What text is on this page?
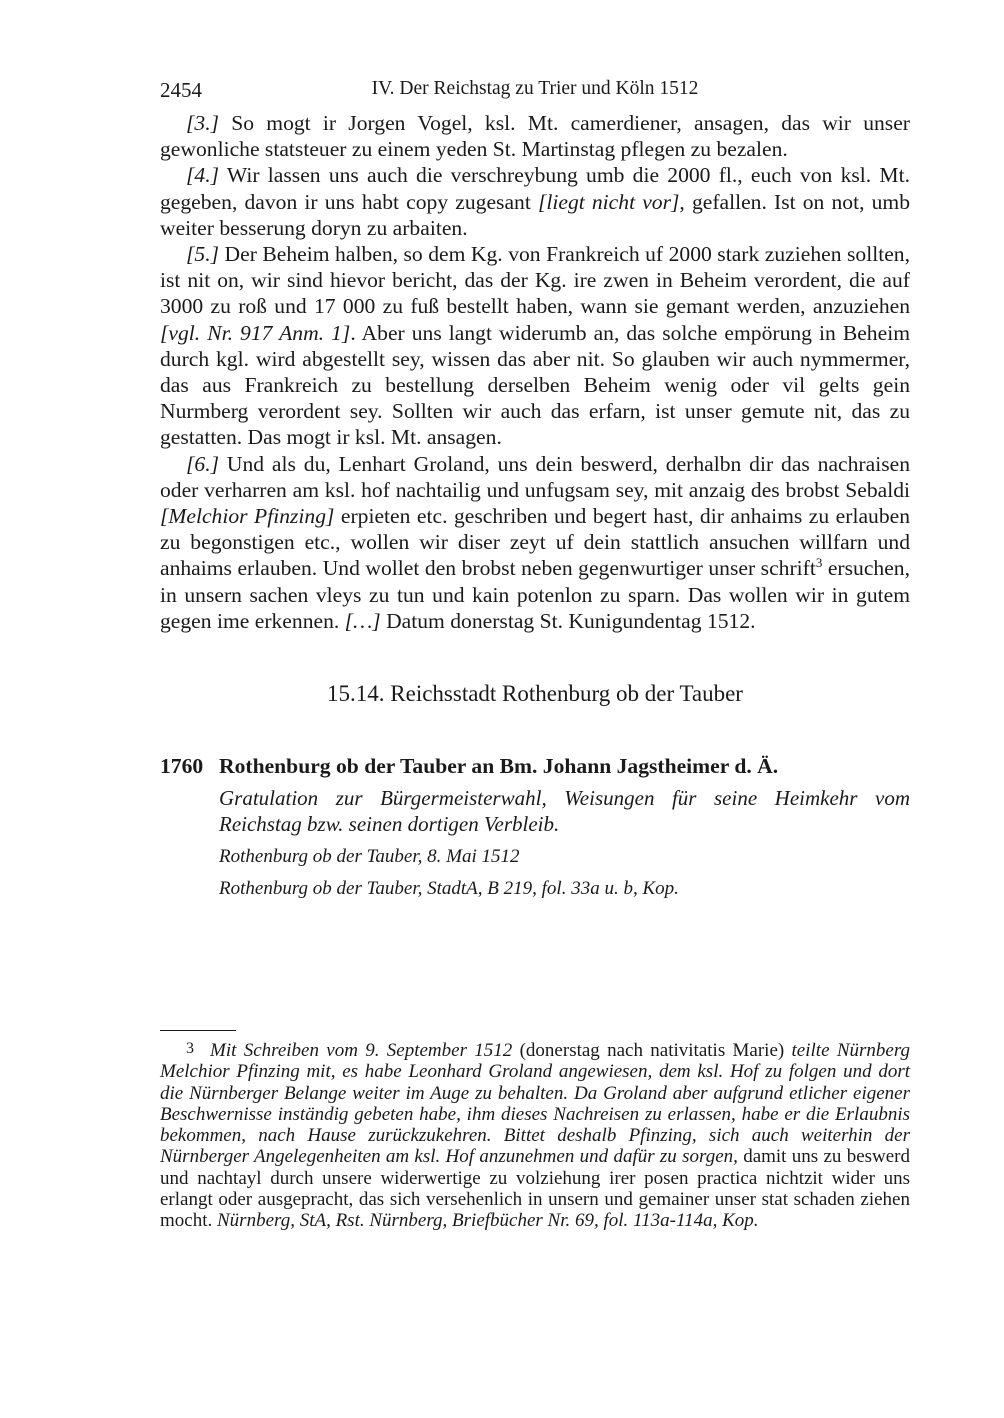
2454	IV. Der Reichstag zu Trier und Köln 1512

[3.] So mogt ir Jorgen Vogel, ksl. Mt. camerdiener, ansagen, das wir unser gewonliche statsteuer zu einem yeden St. Martinstag pflegen zu bezalen.

[4.] Wir lassen uns auch die verschreybung umb die 2000 fl., euch von ksl. Mt. gegeben, davon ir uns habt copy zugesant [liegt nicht vor], gefallen. Ist on not, umb weiter besserung doryn zu arbaiten.

[5.] Der Beheim halben, so dem Kg. von Frankreich uf 2000 stark zuziehen sollten, ist nit on, wir sind hievor bericht, das der Kg. ire zwen in Beheim verordent, die auf 3000 zu roß und 17 000 zu fuß bestellt haben, wann sie gemant werden, anzuziehen [vgl. Nr. 917 Anm. 1]. Aber uns langt widerumb an, das solche empörung in Beheim durch kgl. wird abgestellt sey, wissen das aber nit. So glauben wir auch nymmermer, das aus Frankreich zu bestellung derselben Beheim wenig oder vil gelts gein Nurmberg verordent sey. Sollten wir auch das erfarn, ist unser gemute nit, das zu gestatten. Das mogt ir ksl. Mt. ansagen.

[6.] Und als du, Lenhart Groland, uns dein beswerd, derhalbn dir das nachraisen oder verharren am ksl. hof nachtailig und unfugsam sey, mit anzaig des brobst Sebaldi [Melchior Pfinzing] erpieten etc. geschriben und begert hast, dir anhaims zu erlauben zu begonstigen etc., wollen wir diser zeyt uf dein stattlich ansuchen willfarn und anhaims erlauben. Und wollet den brobst neben gegenwurtiger unser schrift$^3$ ersuchen, in unsern sachen vleys zu tun und kain potenlon zu sparn. Das wollen wir in gutem gegen ime erkennen. […] Datum donerstag St. Kunigundentag 1512.

15.14. Reichsstadt Rothenburg ob der Tauber
1760 Rothenburg ob der Tauber an Bm. Johann Jagstheimer d. Ä.
Gratulation zur Bürgermeisterwahl, Weisungen für seine Heimkehr vom Reichstag bzw. seinen dortigen Verbleib.
Rothenburg ob der Tauber, 8. Mai 1512
Rothenburg ob der Tauber, StadtA, B 219, fol. 33a u. b, Kop.
3 Mit Schreiben vom 9. September 1512 (donerstag nach nativitatis Marie) teilte Nürnberg Melchior Pfinzing mit, es habe Leonhard Groland angewiesen, dem ksl. Hof zu folgen und dort die Nürnberger Belange weiter im Auge zu behalten. Da Groland aber aufgrund etlicher eigener Beschwernisse inständig gebeten habe, ihm dieses Nachreisen zu erlassen, habe er die Erlaubnis bekommen, nach Hause zurückzukehren. Bittet deshalb Pfinzing, sich auch weiterhin der Nürnberger Angelegenheiten am ksl. Hof anzunehmen und dafür zu sorgen, damit uns zu beswerd und nachtayl durch unsere widerwertige zu volziehung irer posen practica nichtzit wider uns erlangt oder ausgepracht, das sich versehenlich in unsern und gemainer unser stat schaden ziehen mocht. Nürnberg, StA, Rst. Nürnberg, Briefbücher Nr. 69, fol. 113a-114a, Kop.
